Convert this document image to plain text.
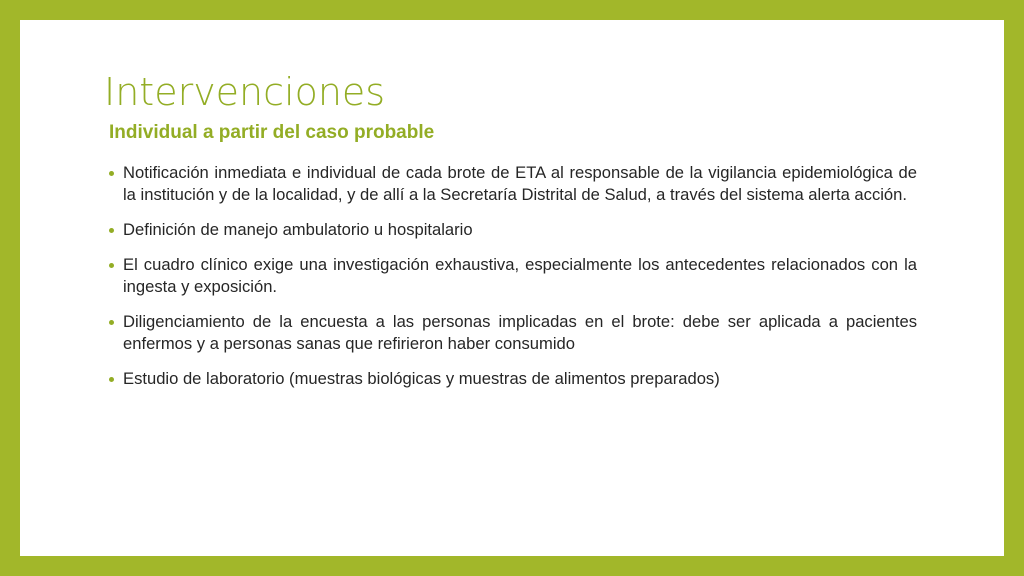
Intervenciones
Individual a partir del caso probable
Notificación inmediata e individual de cada brote de ETA al responsable de la vigilancia epidemiológica de la institución y de la localidad, y de allí a la Secretaría Distrital de Salud, a través del sistema alerta acción.
Definición de manejo ambulatorio u hospitalario
El cuadro clínico exige una investigación exhaustiva, especialmente los antecedentes relacionados con la ingesta y exposición.
Diligenciamiento de la encuesta a las personas implicadas en el brote: debe ser aplicada a pacientes enfermos y a personas sanas que refirieron haber consumido
Estudio de laboratorio (muestras biológicas y muestras de alimentos preparados)
